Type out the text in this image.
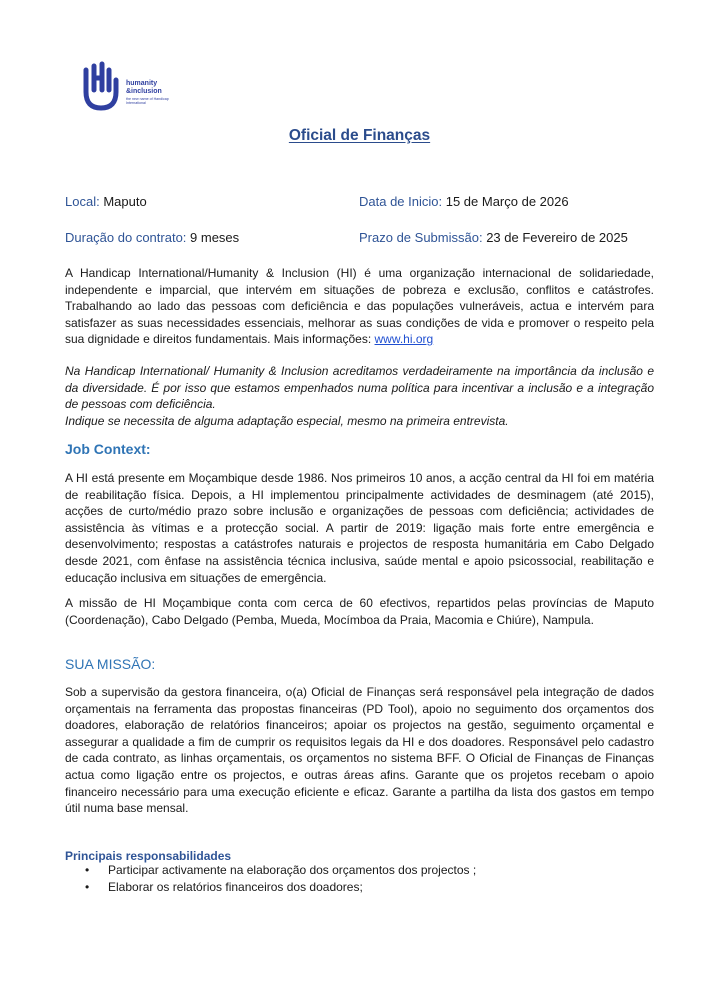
humanity
&inclusion
the new name of Handicap International
Oficial de Finanças
Local: Maputo	Data de Inicio: 15 de Março de 2026
Duração do contrato: 9 meses	Prazo de Submissão: 23 de Fevereiro de 2025
A Handicap International/Humanity & Inclusion (HI) é uma organização internacional de solidariedade, independente e imparcial, que intervém em situações de pobreza e exclusão, conflitos e catástrofes. Trabalhando ao lado das pessoas com deficiência e das populações vulneráveis, actua e intervém para satisfazer as suas necessidades essenciais, melhorar as suas condições de vida e promover o respeito pela sua dignidade e direitos fundamentais. Mais informações: www.hi.org
Na Handicap International/ Humanity & Inclusion acreditamos verdadeiramente na importância da inclusão e da diversidade. É por isso que estamos empenhados numa política para incentivar a inclusão e a integração de pessoas com deficiência.
Indique se necessita de alguma adaptação especial, mesmo na primeira entrevista.
Job Context:
A HI está presente em Moçambique desde 1986. Nos primeiros 10 anos, a acção central da HI foi em matéria de reabilitação física. Depois, a HI implementou principalmente actividades de desminagem (até 2015), acções de curto/médio prazo sobre inclusão e organizações de pessoas com deficiência; actividades de assistência às vítimas e a protecção social. A partir de 2019: ligação mais forte entre emergência e desenvolvimento; respostas a catástrofes naturais e projectos de resposta humanitária em Cabo Delgado desde 2021, com ênfase na assistência técnica inclusiva, saúde mental e apoio psicossocial, reabilitação e educação inclusiva em situações de emergência.
A missão de HI Moçambique conta com cerca de 60 efectivos, repartidos pelas províncias de Maputo (Coordenação), Cabo Delgado (Pemba, Mueda, Mocímboa da Praia, Macomia e Chiúre), Nampula.
SUA MISSÃO:
Sob a supervisão da gestora financeira, o(a) Oficial de Finanças será responsável pela integração de dados orçamentais na ferramenta das propostas financeiras (PD Tool), apoio no seguimento dos orçamentos dos doadores, elaboração de relatórios financeiros; apoiar os projectos na gestão, seguimento orçamental e assegurar a qualidade a fim de cumprir os requisitos legais da HI e dos doadores. Responsável pelo cadastro de cada contrato, as linhas orçamentais, os orçamentos no sistema BFF. O Oficial de Finanças de Finanças actua como ligação entre os projectos, e outras áreas afins. Garante que os projetos recebam o apoio financeiro necessário para uma execução eficiente e eficaz. Garante a partilha da lista dos gastos em tempo útil numa base mensal.
Principais responsabilidades
• Participar activamente na elaboração dos orçamentos dos projectos ;
• Elaborar os relatórios financeiros dos doadores;
